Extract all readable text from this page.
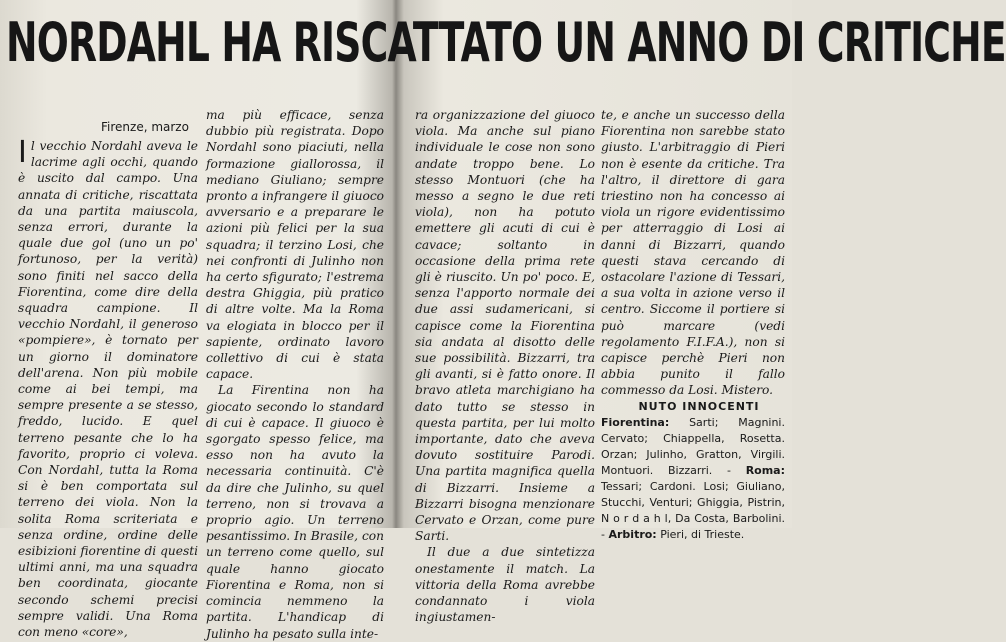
NORDAHL HA RISCATTATO UN ANNO DI CRITICHE
Firenze, marzo
Il vecchio Nordahl aveva le lacrime agli occhi, quando è uscito dal campo. Una annata di critiche, riscattata da una partita maiuscola, senza errori, durante la quale due gol (uno un po' fortunoso, per la verità) sono finiti nel sacco della Fiorentina, come dire della squadra campione. Il vecchio Nordahl, il generoso «pompiere», è tornato per un giorno il dominatore dell'arena. Non più mobile come ai bei tempi, ma sempre presente a se stesso, freddo, lucido. E quel terreno pesante che lo ha favorito, proprio ci voleva. Con Nordahl, tutta la Roma si è ben comportata sul terreno dei viola. Non la solita Roma scriteriata e senza ordine, ordine delle esibizioni fiorentine di questi ultimi anni, ma una squadra ben coordinata, giocante secondo schemi precisi sempre validi. Una Roma con meno «core»,

ma più efficace, senza dubbio più registrata. Dopo Nordahl sono piaciuti, nella formazione giallorossa, il mediano Giuliano; sempre pronto a infrangere il giuoco avversario e a preparare le azioni più felici per la sua squadra; il terzino Losi, che nei confronti di Julinho non ha certo sfigurato; l'estrema destra Ghiggia, più pratico di altre volte. Ma la Roma va elogiata in blocco per il sapiente, ordinato lavoro collettivo di cui è stata capace.

La Firentina non ha giocato secondo lo standard di cui è capace. Il giuoco è sgorgato spesso felice, ma esso non ha avuto la necessaria continuità. C'è da dire che Julinho, su quel terreno, non si trovava a proprio agio. Un terreno pesantissimo. In Brasile, con un terreno come quello, sul quale hanno giocato Fiorentina e Roma, non si comincia nemmeno la partita. L'handicap di Julinho ha pesato sulla inte-

ra organizzazione del giuoco viola. Ma anche sul piano individuale le cose non sono andate troppo bene. Lo stesso Montuori (che ha messo a segno le due reti viola), non ha potuto emettere gli acuti di cui è cavace; soltanto in occasione della prima rete gli è riuscito. Un po' poco. E, senza l'apporto normale dei due assi sudamericani, si capisce come la Fiorentina sia andata al disotto delle sue possibilità. Bizzarri, tra gli avanti, si è fatto onore. Il bravo atleta marchigiano ha dato tutto se stesso in questa partita, per lui molto importante, dato che aveva dovuto sostituire Parodi. Una partita magnifica quella di Bizzarri. Insieme a Bizzarri bisogna menzionare Cervato e Orzan, come pure Sarti.

Il due a due sintetizza onestamente il match. La vittoria della Roma avrebbe condannato i viola ingiustamen-

te, e anche un successo della Fiorentina non sarebbe stato giusto. L'arbitraggio di Pieri non è esente da critiche. Tra l'altro, il direttore di gara triestino non ha concesso ai viola un rigore evidentissimo per atterraggio di Losi ai danni di Bizzarri, quando questi stava cercando di ostacolare l'azione di Tessari, a sua volta in azione verso il centro. Siccome il portiere si può marcare (vedi regolamento F.I.F.A.), non si capisce perchè Pieri non abbia punito il fallo commesso da Losi. Mistero.

NUTO INNOCENTI

Fiorentina: Sarti; Magnini. Cervato; Chiappella, Rosetta. Orzan; Julinho, Gratton, Virgili. Montuori. Bizzarri. - Roma: Tessari; Cardoni. Losi; Giuliano, Stucchi, Venturi; Ghiggia, Pistrin, N o r d a h l, Da Costa, Barbolini. - Arbitro: Pieri, di Trieste.
